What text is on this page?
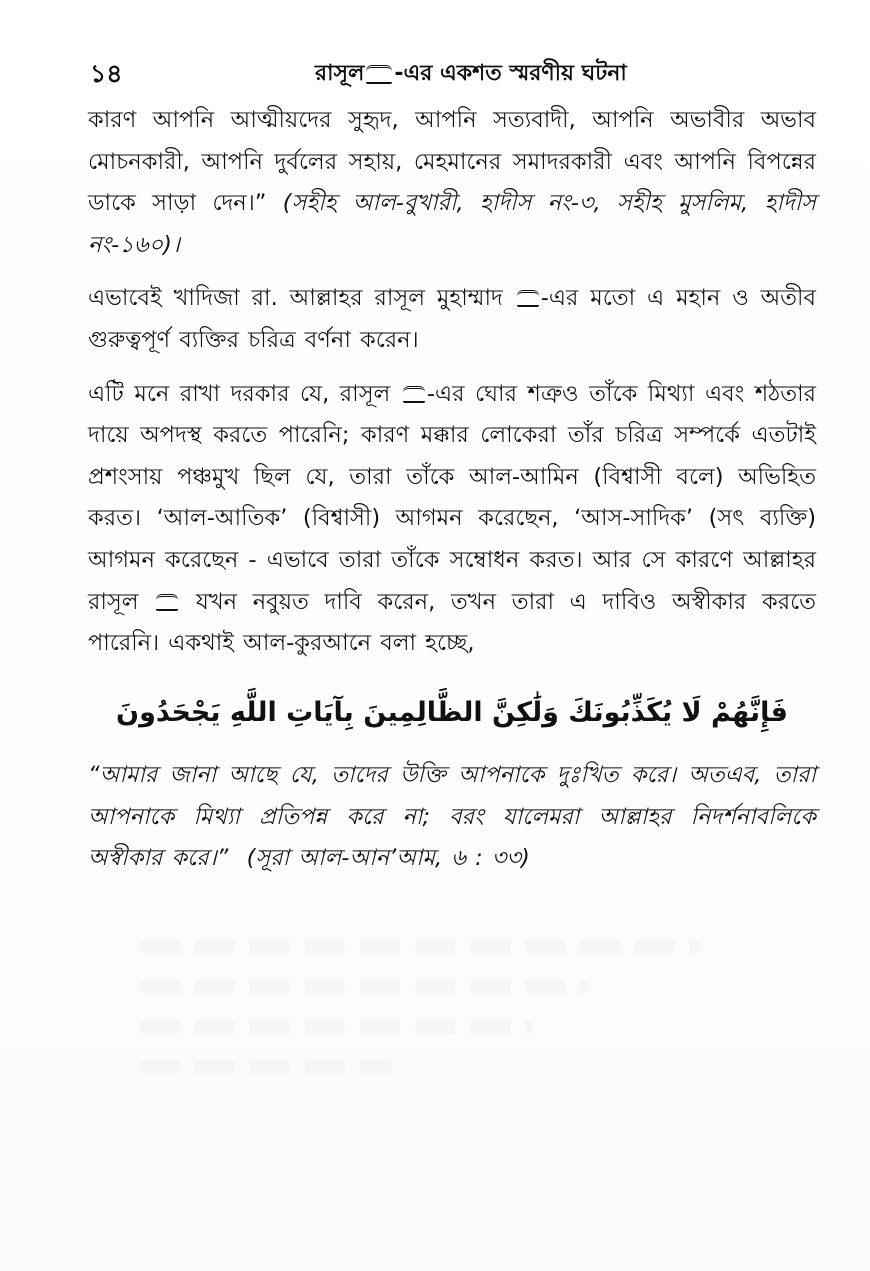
১৪	রাসূল -এর একশত স্মরণীয় ঘটনা

কারণ আপনি আত্মীয়দের সুহৃদ, আপনি সত্যবাদী, আপনি অভাবীর অভাব মোচনকারী, আপনি দুর্বলের সহায়, মেহমানের সমাদরকারী এবং আপনি বিপন্নের ডাকে সাড়া দেন।” (সহীহ আল-বুখারী, হাদীস নং-৩, সহীহ মুসলিম, হাদীস নং-১৬০)।

এভাবেই খাদিজা রা. আল্লাহর রাসূল মুহাম্মাদ -এর মতো এ মহান ও অতীব গুরুত্বপূর্ণ ব্যক্তির চরিত্র বর্ণনা করেন।

এটি মনে রাখা দরকার যে, রাসূল -এর ঘোর শত্রুও তাঁকে মিথ্যা এবং শঠতার দায়ে অপদস্থ করতে পারেনি; কারণ মক্কার লোকেরা তাঁর চরিত্র সম্পর্কে এতটাই প্রশংসায় পঞ্চমুখ ছিল যে, তারা তাঁকে আল-আমিন (বিশ্বাসী বলে) অভিহিত করত। ‘আল-আতিক’ (বিশ্বাসী) আগমন করেছেন, ‘আস-সাদিক’ (সৎ ব্যক্তি) আগমন করেছেন - এভাবে তারা তাঁকে সম্বোধন করত। আর সে কারণে আল্লাহর রাসূল	যখন নবুয়ত দাবি করেন, তখন তারা এ দাবিও অস্বীকার করতে পারেনি। একথাই আল-কুরআনে বলা হচ্ছে,

فَإِنَّهُمْ لَا يُكَذِّبُونَكَ وَلَٰكِنَّ الظَّالِمِينَ بِآيَاتِ اللَّهِ يَجْحَدُونَ

“আমার জানা আছে যে, তাদের উক্তি আপনাকে দুঃখিত করে। অতএব, তারা আপনাকে মিথ্যা প্রতিপন্ন করে না; বরং যালেমরা আল্লাহর নিদর্শনাবলিকে অস্বীকার করে।” (সূরা আল-আন’আম, ৬ : ৩৩)
